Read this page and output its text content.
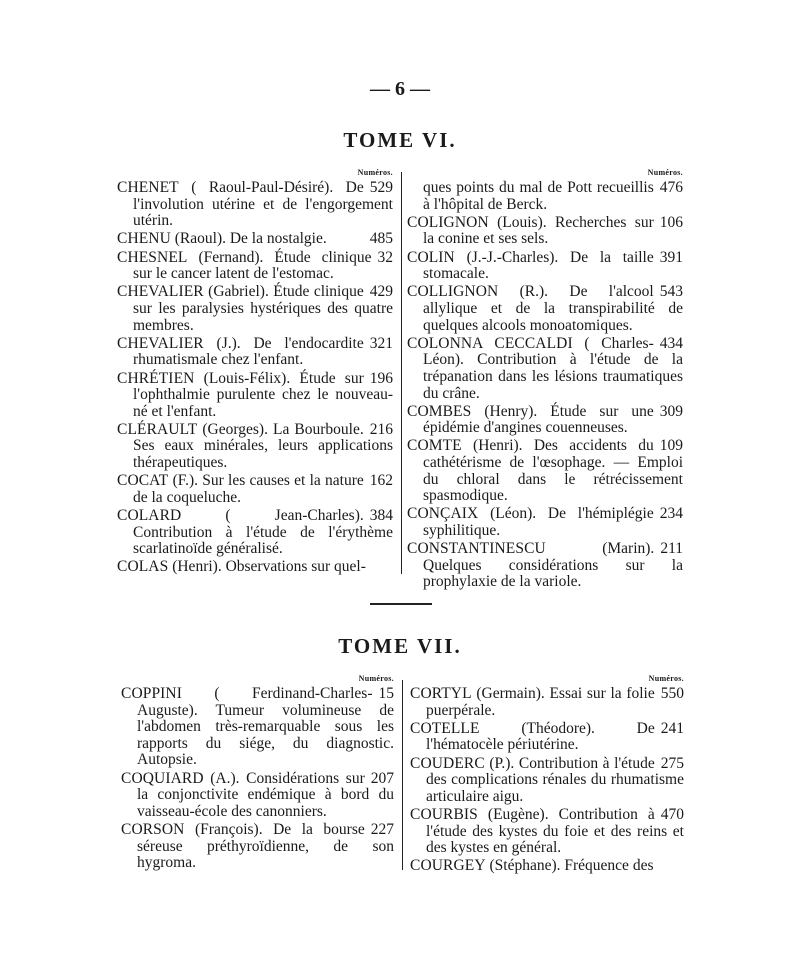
— 6 —
TOME VI.
Numéros.
529
CHENET ( Raoul-Paul-Désiré). De l'involution utérine et de l'engorgement utérin.
485
CHENU (Raoul). De la nostalgie.
32
CHESNEL (Fernand). Étude clinique sur le cancer latent de l'estomac.
429
CHEVALIER (Gabriel). Étude clinique sur les paralysies hystériques des quatre membres.
321
CHEVALIER (J.). De l'endocardite rhumatismale chez l'enfant.
196
CHRÉTIEN (Louis-Félix). Étude sur l'ophthalmie purulente chez le nouveau-né et l'enfant.
216
CLÉRAULT (Georges). La Bourboule. Ses eaux minérales, leurs applications thérapeutiques.
162
COCAT (F.). Sur les causes et la nature de la coqueluche.
384
COLARD ( Jean-Charles). Contribution à l'étude de l'érythème scarlatinoïde généralisé.
COLAS (Henri). Observations sur quel-
Numéros.
476
ques points du mal de Pott recueillis à l'hôpital de Berck.
106
COLIGNON (Louis). Recherches sur la conine et ses sels.
391
COLIN (J.-J.-Charles). De la taille stomacale.
543
COLLIGNON (R.). De l'alcool allylique et de la transpirabilité de quelques alcools monoatomiques.
434
COLONNA CECCALDI ( Charles-Léon). Contribution à l'étude de la trépanation dans les lésions traumatiques du crâne.
309
COMBES (Henry). Étude sur une épidémie d'angines couenneuses.
109
COMTE (Henri). Des accidents du cathétérisme de l'œsophage. — Emploi du chloral dans le rétrécissement spasmodique.
234
CONÇAIX (Léon). De l'hémiplégie syphilitique.
211
CONSTANTINESCU (Marin). Quelques considérations sur la prophylaxie de la variole.
TOME VII.
Numéros.
15
COPPINI ( Ferdinand-Charles-Auguste). Tumeur volumineuse de l'abdomen très-remarquable sous les rapports du siége, du diagnostic. Autopsie.
207
COQUIARD (A.). Considérations sur la conjonctivite endémique à bord du vaisseau-école des canonniers.
227
CORSON (François). De la bourse séreuse préthyroïdienne, de son hygroma.
Numéros.
550
CORTYL (Germain). Essai sur la folie puerpérale.
241
COTELLE (Théodore). De l'hématocèle périutérine.
275
COUDERC (P.). Contribution à l'étude des complications rénales du rhumatisme articulaire aigu.
470
COURBIS (Eugène). Contribution à l'étude des kystes du foie et des reins et des kystes en général.
COURGEY (Stéphane). Fréquence des
